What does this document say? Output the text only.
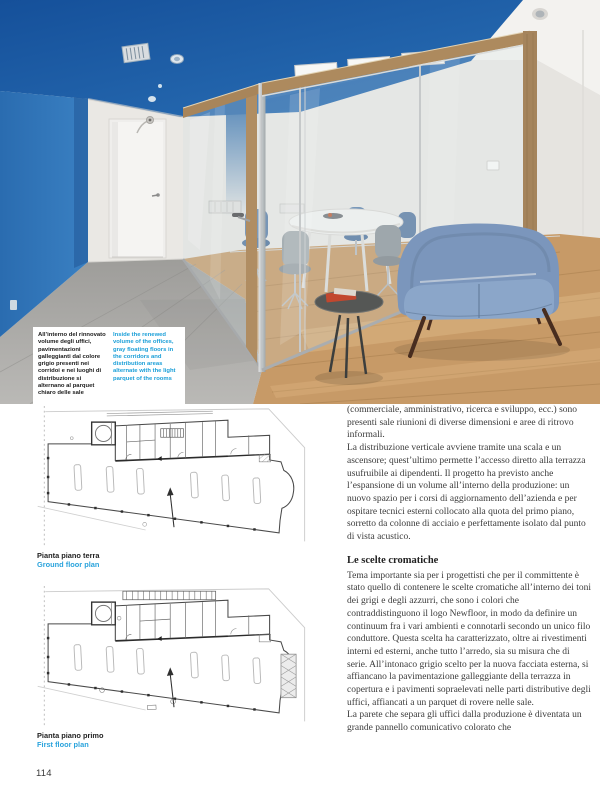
All’interno del rinnovato volume degli uffici, pavimentazioni galleggianti dal colore grigio presenti nei corridoi e nei luoghi di distribuzione si alternano al parquet chiaro delle sale
Inside the renewed volume of the offices, gray floating floors in the corridors and distribution areas alternate with the light parquet of the rooms
Pianta piano terra
Ground floor plan
Pianta piano primo
First floor plan

(commerciale, amministrativo, ricerca e sviluppo, ecc.) sono presenti sale riunioni di diverse dimensioni e aree di ritrovo informali.

La distribuzione verticale avviene tramite una scala e un ascensore; quest’ultimo permette l’accesso diretto alla terrazza usufruibile ai dipendenti. Il progetto ha previsto anche l’espansione di un volume all’interno della produzione: un nuovo spazio per i corsi di aggiornamento dell’azienda e per ospitare tecnici esterni collocato alla quota del primo piano, sorretto da colonne di acciaio e perfettamente isolato dal punto di vista acustico.

Le scelte cromatiche

Tema importante sia per i progettisti che per il committente è stato quello di contenere le scelte cromatiche all’interno dei toni dei grigi e degli azzurri, che sono i colori che contraddistinguono il logo Newfloor, in modo da definire un continuum fra i vari ambienti e connotarli secondo un unico filo conduttore. Questa scelta ha caratterizzato, oltre ai rivestimenti interni ed esterni, anche tutto l’arredo, sia su misura che di serie. All’intonaco grigio scelto per la nuova facciata esterna, si affiancano la pavimentazione galleggiante della terrazza in copertura e i pavimenti sopraelevati nelle parti distributive degli uffici, affiancati a un parquet di rovere nelle sale.

La parete che separa gli uffici dalla produzione è diventata un grande pannello comunicativo colorato che

114
